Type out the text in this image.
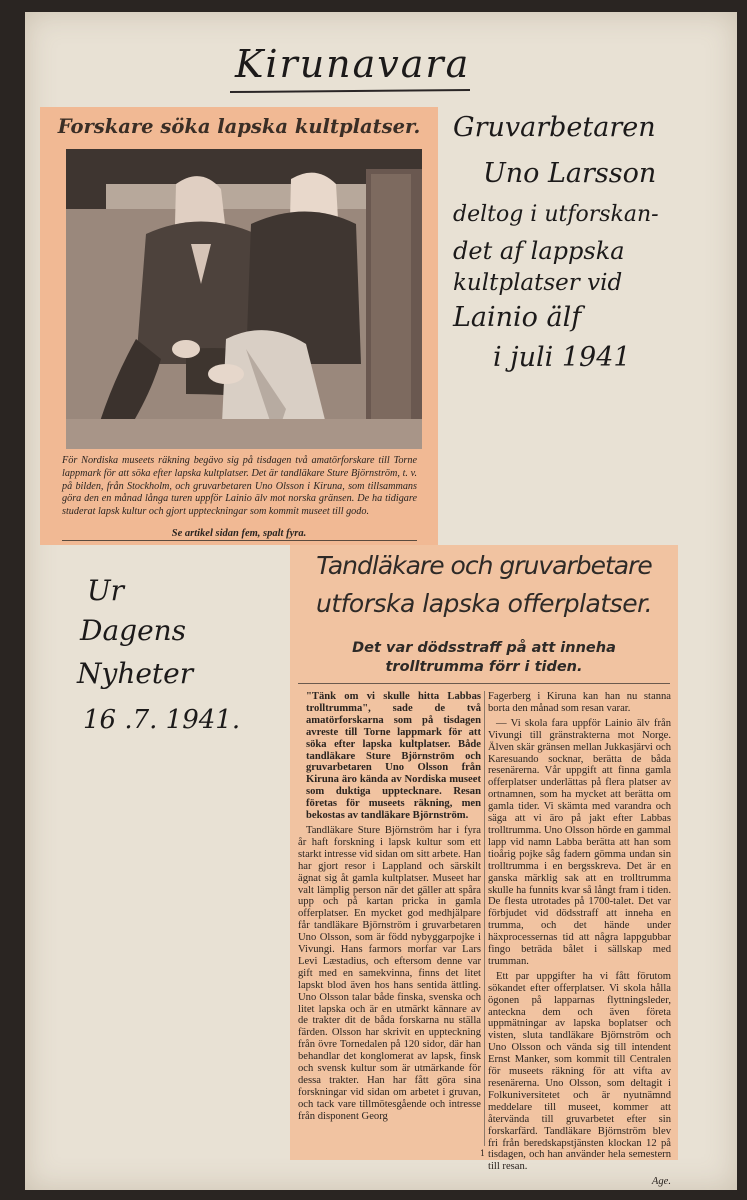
Kirunavara
Gruvarbetaren
Uno Larsson
deltog i utforskan-
det af lappska
kultplatser vid
Lainio älf
i juli 1941
Ur
Dagens
Nyheter
16 .7. 1941.
Forskare söka lapska kultplatser.
För Nordiska museets räkning begävo sig på tisdagen två amatörforskare till Torne lappmark för att söka efter lapska kultplatser. Det är tandläkare Sture Björnström, t. v. på bilden, från Stockholm, och gruvarbetaren Uno Olsson i Kiruna, som tillsammans göra den en månad långa turen uppför Lainio älv mot norska gränsen. De ha tidigare studerat lapsk kultur och gjort uppteckningar som kommit museet till godo.
Se artikel sidan fem, spalt fyra.
Tandläkare och gruvarbetare
utforska lapska offerplatser.
Det var dödsstraff på att inneha trolltrumma förr i tiden.

"Tänk om vi skulle hitta Labbas trolltrumma", sade de två amatörforskarna som på tisdagen avreste till Torne lappmark för att söka efter lapska kultplatser. Både tandläkare Sture Björnström och gruvarbetaren Uno Olsson från Kiruna äro kända av Nordiska museet som duktiga upptecknare. Resan företas för museets räkning, men bekostas av tandläkare Björnström.

Tandläkare Sture Björnström har i fyra år haft forskning i lapsk kultur som ett starkt intresse vid sidan om sitt arbete. Han har gjort resor i Lappland och särskilt ägnat sig åt gamla kultplatser. Museet har valt lämplig person när det gäller att spåra upp och på kartan pricka in gamla offerplatser. En mycket god medhjälpare får tandläkare Björnström i gruvarbetaren Uno Olsson, som är född nybyggarpojke i Vivungi. Hans farmors morfar var Lars Levi Læstadius, och eftersom denne var gift med en samekvinna, finns det litet lapskt blod även hos hans sentida ättling. Uno Olsson talar både finska, svenska och litet lapska och är en utmärkt kännare av de trakter dit de båda forskarna nu ställa färden. Olsson har skrivit en uppteckning från övre Tornedalen på 120 sidor, där han behandlar det konglomerat av lapsk, finsk och svensk kultur som är utmärkande för dessa trakter. Han har fått göra sina forskningar vid sidan om arbetet i gruvan, och tack vare tillmötesgående och intresse från disponent Georg

Fagerberg i Kiruna kan han nu stanna borta den månad som resan varar.

— Vi skola fara uppför Lainio älv från Vivungi till gränstrakterna mot Norge. Älven skär gränsen mellan Jukkasjärvi och Karesuando socknar, berätta de båda resenärerna. Vår uppgift att finna gamla offerplatser underlättas på flera platser av ortnamnen, som ha mycket att berätta om gamla tider. Vi skämta med varandra och säga att vi äro på jakt efter Labbas trolltrumma. Uno Olsson hörde en gammal lapp vid namn Labba berätta att han som tioårig pojke såg fadern gömma undan sin trolltrumma i en bergsskreva. Det är en ganska märklig sak att en trolltrumma skulle ha funnits kvar så långt fram i tiden. De flesta utrotades på 1700-talet. Det var förbjudet vid dödsstraff att inneha en trumma, och det hände under häxprocessernas tid att några lappgubbar fingo beträda bålet i sällskap med trumman.

Ett par uppgifter ha vi fått förutom sökandet efter offerplatser. Vi skola hålla ögonen på lapparnas flyttningsleder, anteckna dem och även företa uppmätningar av lapska boplatser och visten, sluta tandläkare Björnström och Uno Olsson och vända sig till intendent Ernst Manker, som kommit till Centralen för museets räkning för att vifta av resenärerna. Uno Olsson, som deltagit i Folkuniversitetet och är nyutnämnd meddelare till museet, kommer att återvända till gruvarbetet efter sin forskarfärd. Tandläkare Björnström blev fri från beredskapstjänsten klockan 12 på tisdagen, och han använder hela semestern till resan.

Age.
1
